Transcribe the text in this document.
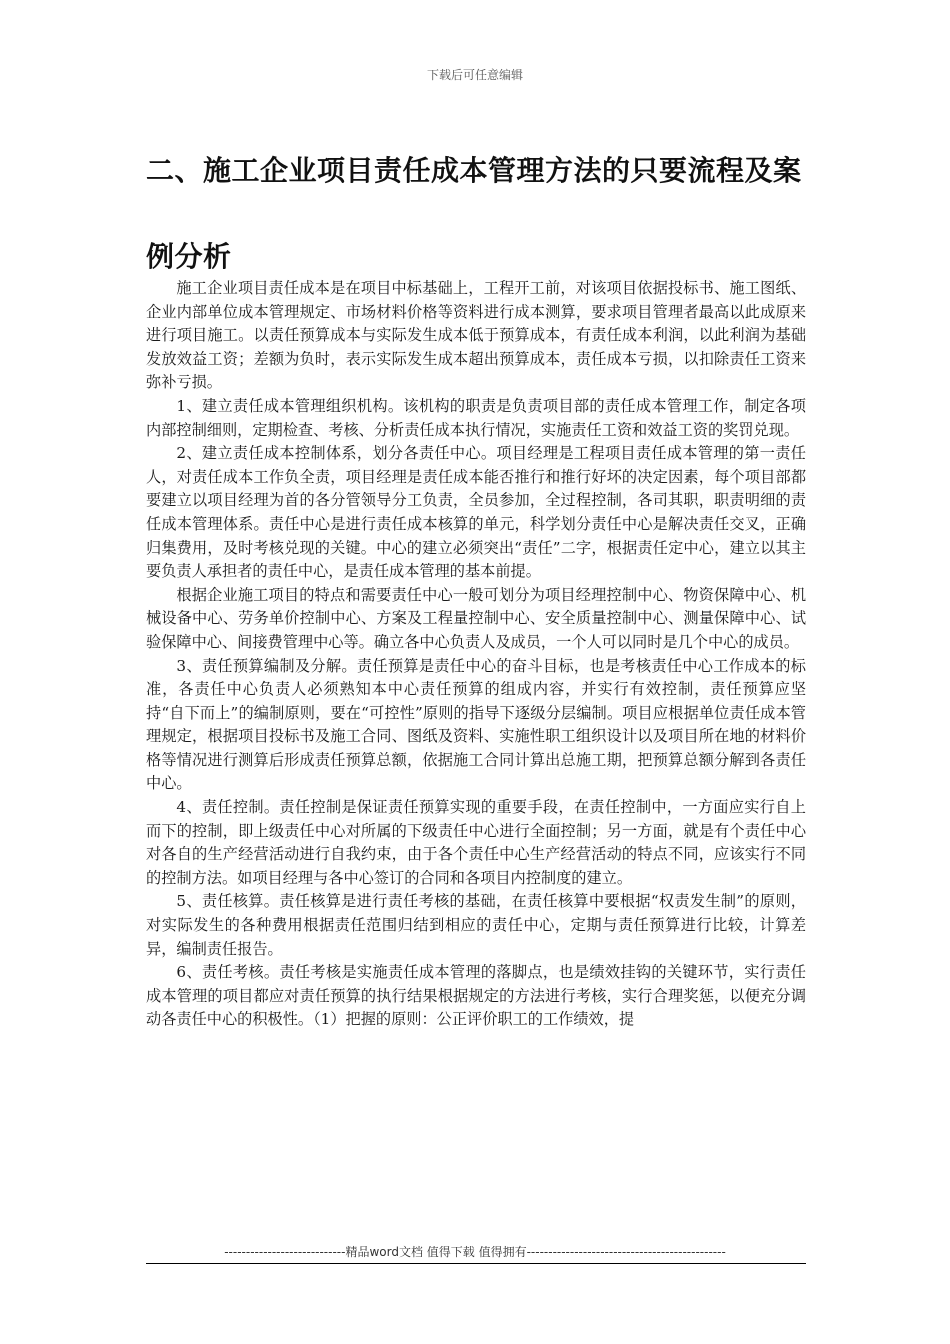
下载后可任意编辑
二、施工企业项目责任成本管理方法的只要流程及案例分析

施工企业项目责任成本是在项目中标基础上，工程开工前，对该项目依据投标书、施工图纸、企业内部单位成本管理规定、市场材料价格等资料进行成本测算，要求项目管理者最高以此成原来进行项目施工。以责任预算成本与实际发生成本低于预算成本，有责任成本利润，以此利润为基础发放效益工资；差额为负时，表示实际发生成本超出预算成本，责任成本亏损，以扣除责任工资来弥补亏损。

1、建立责任成本管理组织机构。该机构的职责是负责项目部的责任成本管理工作，制定各项内部控制细则，定期检查、考核、分析责任成本执行情况，实施责任工资和效益工资的奖罚兑现。

2、建立责任成本控制体系，划分各责任中心。项目经理是工程项目责任成本管理的第一责任人，对责任成本工作负全责，项目经理是责任成本能否推行和推行好坏的决定因素，每个项目部都要建立以项目经理为首的各分管领导分工负责，全员参加，全过程控制，各司其职，职责明细的责任成本管理体系。责任中心是进行责任成本核算的单元，科学划分责任中心是解决责任交叉，正确归集费用，及时考核兑现的关键。中心的建立必须突出“责任”二字，根据责任定中心，建立以其主要负责人承担者的责任中心，是责任成本管理的基本前提。

根据企业施工项目的特点和需要责任中心一般可划分为项目经理控制中心、物资保障中心、机械设备中心、劳务单价控制中心、方案及工程量控制中心、安全质量控制中心、测量保障中心、试验保障中心、间接费管理中心等。确立各中心负责人及成员，一个人可以同时是几个中心的成员。

3、责任预算编制及分解。责任预算是责任中心的奋斗目标，也是考核责任中心工作成本的标准，各责任中心负责人必须熟知本中心责任预算的组成内容，并实行有效控制，责任预算应坚持“自下而上”的编制原则，要在“可控性”原则的指导下逐级分层编制。项目应根据单位责任成本管理规定，根据项目投标书及施工合同、图纸及资料、实施性职工组织设计以及项目所在地的材料价格等情况进行测算后形成责任预算总额，依据施工合同计算出总施工期，把预算总额分解到各责任中心。

4、责任控制。责任控制是保证责任预算实现的重要手段，在责任控制中，一方面应实行自上而下的控制，即上级责任中心对所属的下级责任中心进行全面控制；另一方面，就是有个责任中心对各自的生产经营活动进行自我约束，由于各个责任中心生产经营活动的特点不同，应该实行不同的控制方法。如项目经理与各中心签订的合同和各项目内控制度的建立。

5、责任核算。责任核算是进行责任考核的基础，在责任核算中要根据“权责发生制”的原则，对实际发生的各种费用根据责任范围归结到相应的责任中心，定期与责任预算进行比较，计算差异，编制责任报告。

6、责任考核。责任考核是实施责任成本管理的落脚点，也是绩效挂钩的关键环节，实行责任成本管理的项目都应对责任预算的执行结果根据规定的方法进行考核，实行合理奖惩，以便充分调动各责任中心的积极性。（1）把握的原则：公正评价职工的工作绩效，提

----------------------------精品word文档 值得下载 值得拥有----------------------------------------------
